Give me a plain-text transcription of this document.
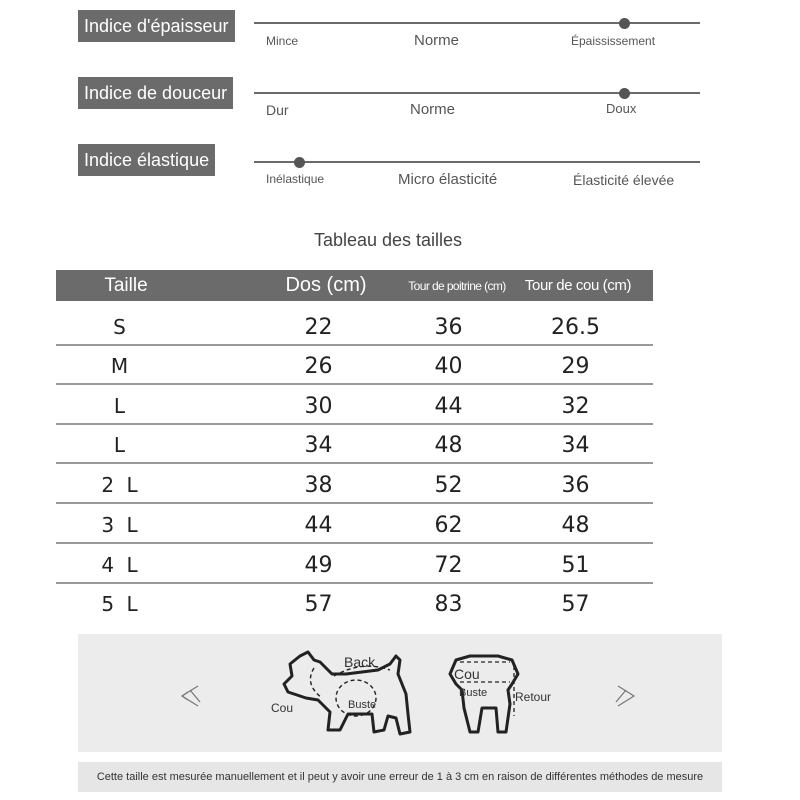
Indice d'épaisseur
Mince	Norme	Épaississement
Indice de douceur
Dur	Norme	Doux
Indice élastique
Inélastique	Micro élasticité	Élasticité élevée
Tableau des tailles
Taille	Dos (cm)	Tour de poitrine (cm)	Tour de cou (cm)
S	22	36	26.5
M	26	40	29
L	30	44	32
L	34	48	34
2 L	38	52	36
3 L	44	62	48
4 L	49	72	51
5 L	57	83	57
Back
Cou	Buste
Cou
Buste Retour
Cette taille est mesurée manuellement et il peut y avoir une erreur de 1 à 3 cm en raison de différentes méthodes de mesure
